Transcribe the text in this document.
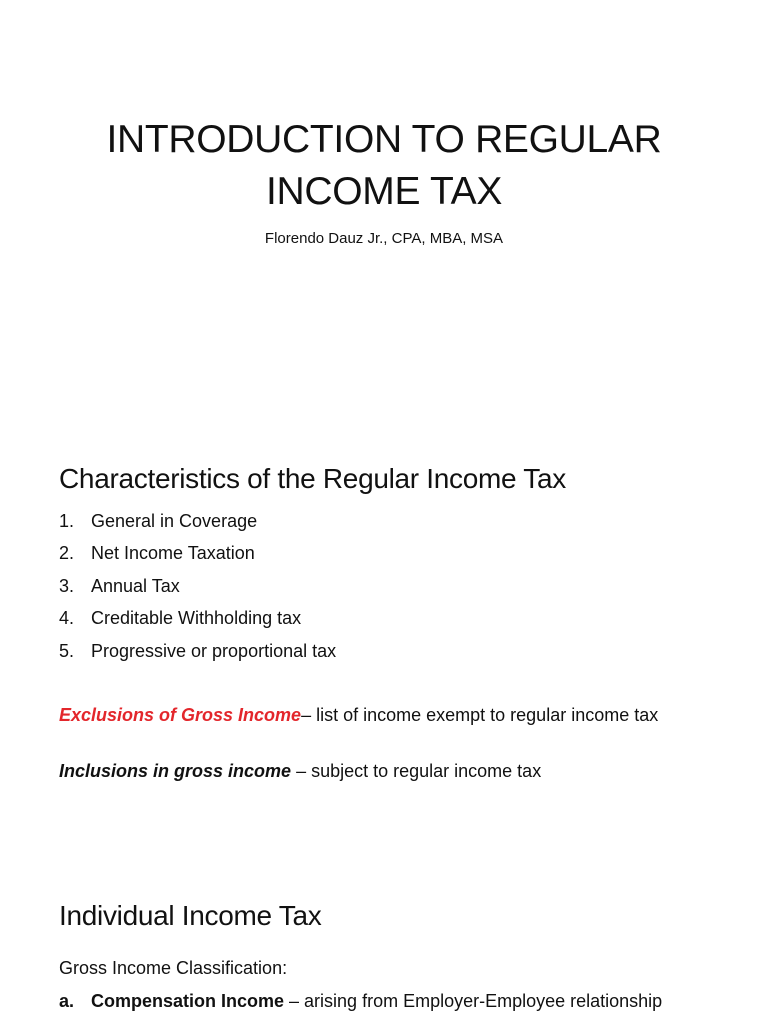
INTRODUCTION TO REGULAR
INCOME TAX

Florendo Dauz Jr., CPA, MBA, MSA

Characteristics of the Regular Income Tax
1. General in Coverage
2. Net Income Taxation
3. Annual Tax
4. Creditable Withholding tax
5. Progressive or proportional tax

Exclusions of Gross Income– list of income exempt to regular income tax

Inclusions in gross income – subject to regular income tax

Individual Income Tax

Gross Income Classification:

a. Compensation Income – arising from Employer-Employee relationship
